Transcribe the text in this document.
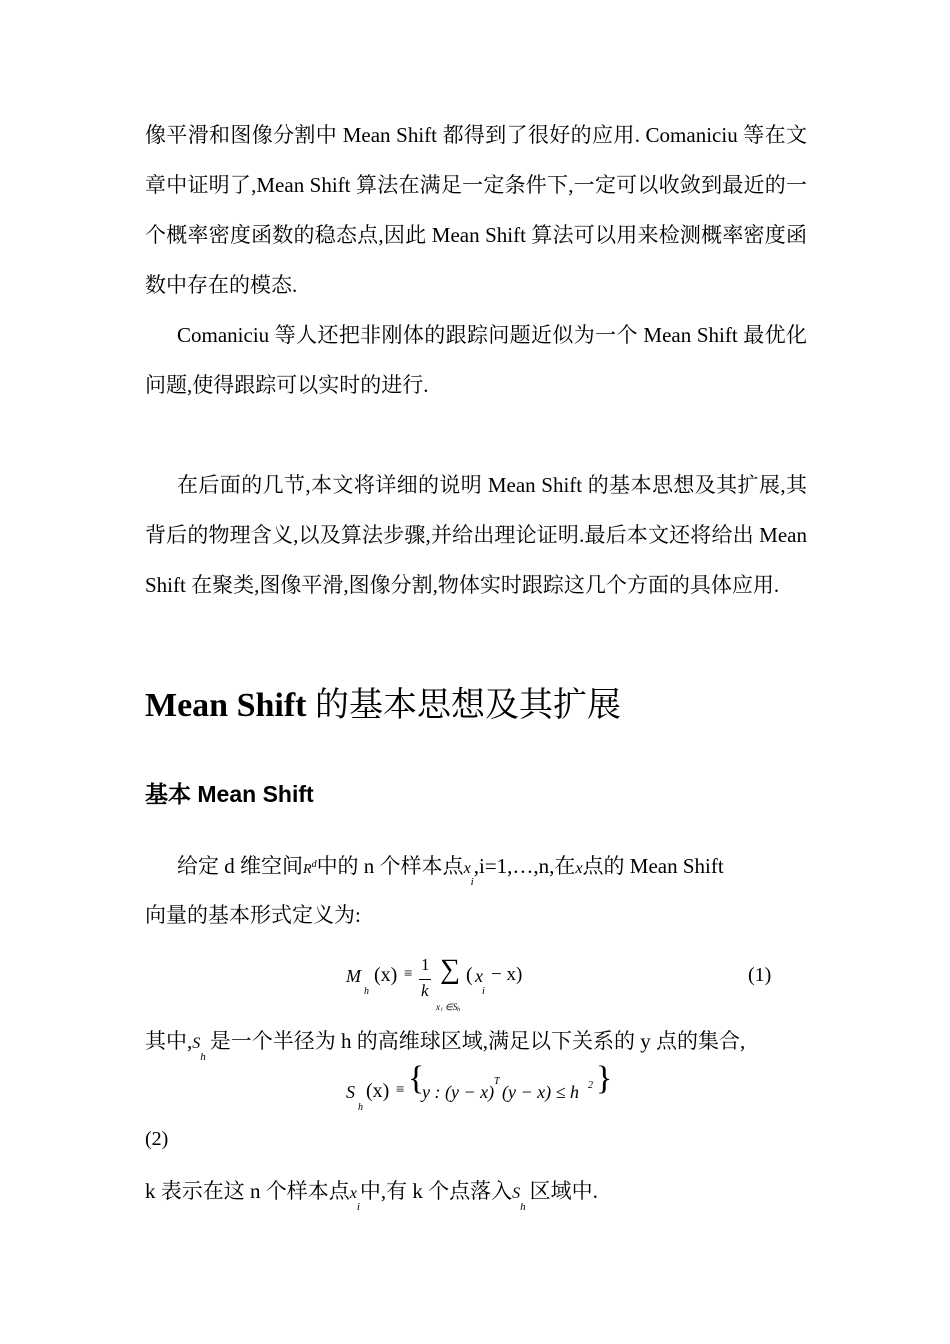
像平滑和图像分割中 Mean Shift 都得到了很好的应用. Comaniciu 等在文章中证明了,Mean Shift 算法在满足一定条件下,一定可以收敛到最近的一个概率密度函数的稳态点,因此 Mean Shift 算法可以用来检测概率密度函数中存在的模态.

Comaniciu 等人还把非刚体的跟踪问题近似为一个 Mean Shift 最优化问题,使得跟踪可以实时的进行.

在后面的几节,本文将详细的说明 Mean Shift 的基本思想及其扩展,其背后的物理含义,以及算法步骤,并给出理论证明.最后本文还将给出 Mean Shift 在聚类,图像平滑,图像分割,物体实时跟踪这几个方面的具体应用.

Mean Shift 的基本思想及其扩展
基本 Mean Shift

给定 d 维空间$R^d$中的 n 个样本点$x_i,i=1,\dots,n$,在x点的 Mean Shift

向量的基本形式定义为:

M
h
(x) ≡ 1
k
∑ ( x
i
− x)
x i ∈S h
(1)

其中$,S_h$是一个半径为 h 的高维球区域,满足以下关系的 y 点的集合,

S
h
(x) ≡ {
y : (y − x)
T
(y − x) ≤ h 2 }
(2)

k 表示在这 n 个样本点$x_i$中,有 k 个点落入$S_h$区域中.
